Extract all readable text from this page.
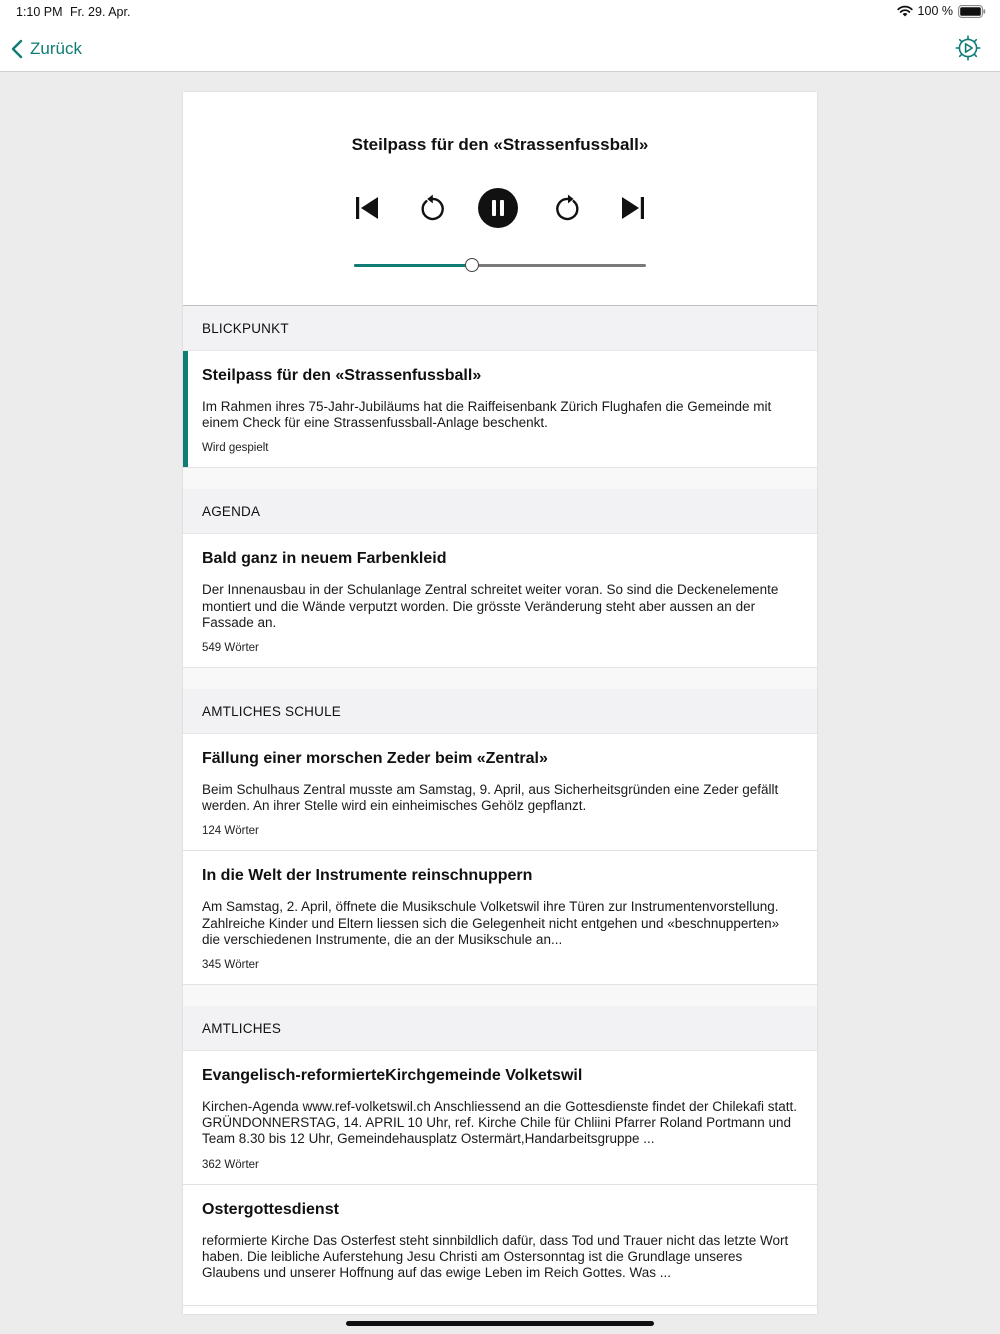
1:10 PM Fr. 29. Apr.	100 %
Zurück
Steilpass für den «Strassenfussball»
BLICKPUNKT
Steilpass für den «Strassenfussball»
Im Rahmen ihres 75-Jahr-Jubiläums hat die Raiffeisenbank Zürich Flughafen die Gemeinde mit einem Check für eine Strassenfussball-Anlage beschenkt.
Wird gespielt
AGENDA
Bald ganz in neuem Farbenkleid
Der Innenausbau in der Schulanlage Zentral schreitet weiter voran. So sind die Deckenelemente montiert und die Wände verputzt worden. Die grösste Veränderung steht aber aussen an der Fassade an.
549 Wörter
AMTLICHES SCHULE
Fällung einer morschen Zeder beim «Zentral»
Beim Schulhaus Zentral musste am Samstag, 9. April, aus Sicherheitsgründen eine Zeder gefällt werden. An ihrer Stelle wird ein einheimisches Gehölz gepflanzt.
124 Wörter
In die Welt der Instrumente reinschnuppern
Am Samstag, 2. April, öffnete die Musikschule Volketswil ihre Türen zur Instrumentenvorstellung. Zahlreiche Kinder und Eltern liessen sich die Gelegenheit nicht entgehen und «beschnupperten» die verschiedenen Instrumente, die an der Musikschule an...
345 Wörter
AMTLICHES
Evangelisch-reformierteKirchgemeinde Volketswil
Kirchen-Agenda www.ref-volketswil.ch Anschliessend an die Gottesdienste findet der Chilekafi statt. GRÜNDONNERSTAG, 14. APRIL 10 Uhr, ref. Kirche Chile für Chliini Pfarrer Roland Portmann und Team 8.30 bis 12 Uhr, Gemeindehausplatz Ostermärt,Handarbeitsgruppe ...
362 Wörter
Ostergottesdienst
reformierte Kirche Das Osterfest steht sinnbildlich dafür, dass Tod und Trauer nicht das letzte Wort haben. Die leibliche Auferstehung Jesu Christi am Ostersonntag ist die Grundlage unseres Glaubens und unserer Hoffnung auf das ewige Leben im Reich Gottes. Was ...
